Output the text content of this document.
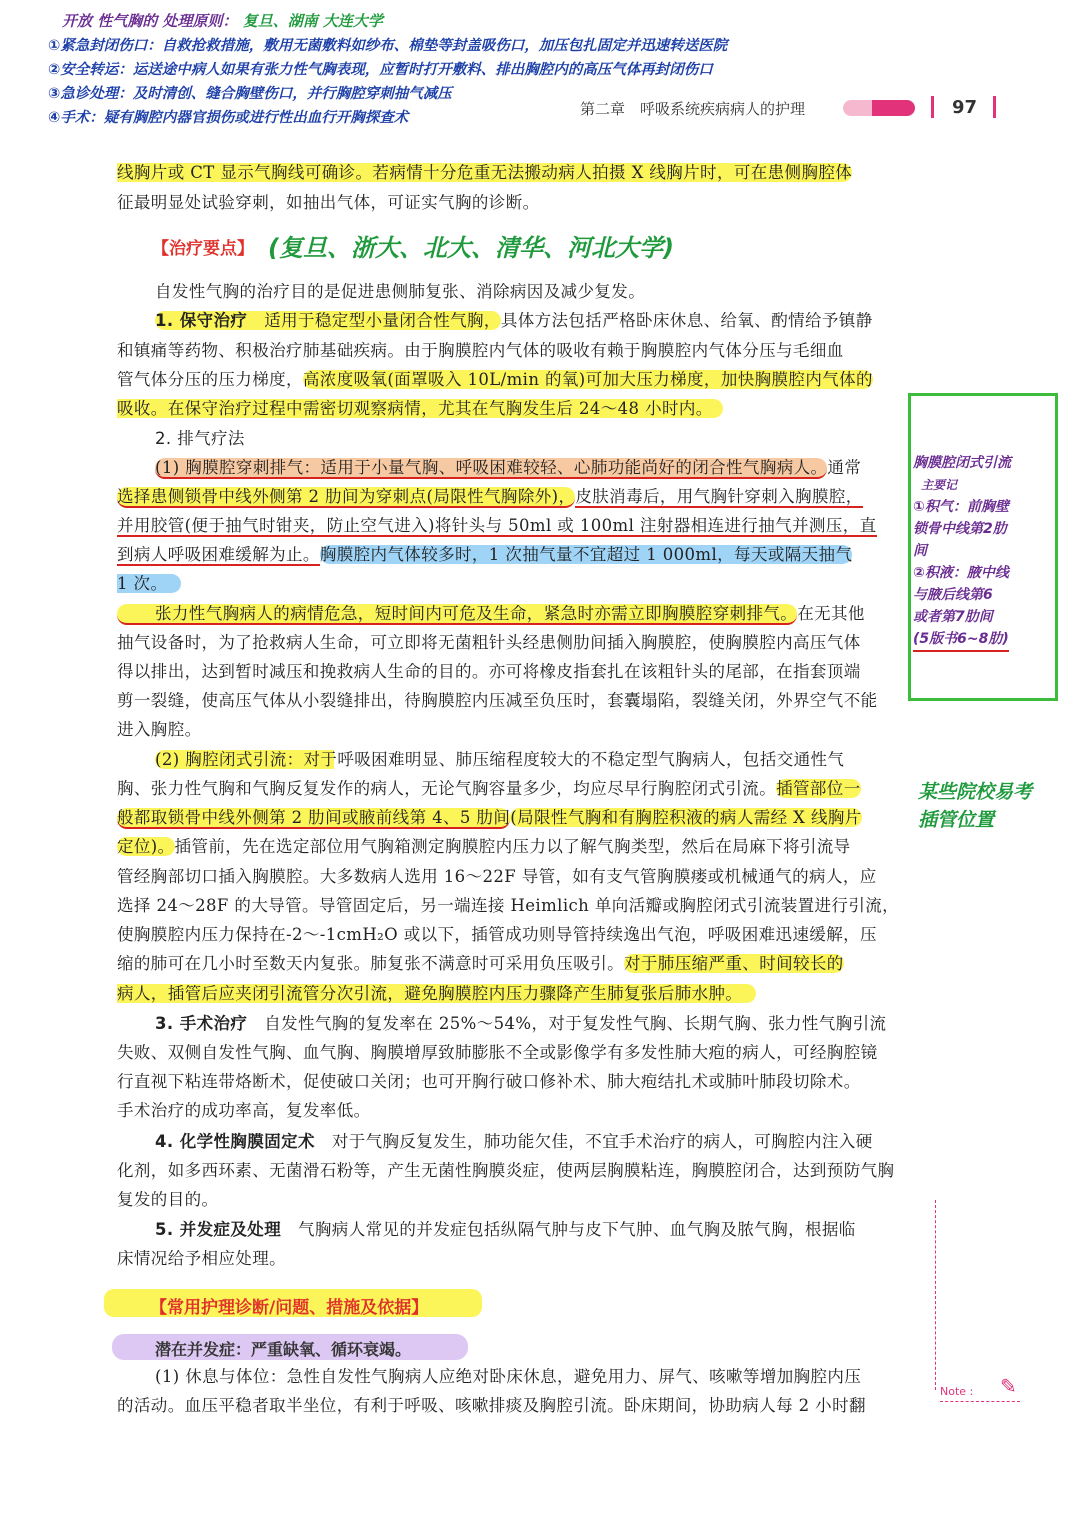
开放 性气胸的 处理原则： 复旦、湖南 大连大学
①紧急封闭伤口：自救抢救措施，敷用无菌敷料如纱布、棉垫等封盖吸伤口，加压包扎固定并迅速转送医院
②安全转运：运送途中病人如果有张力性气胸表现，应暂时打开敷料、排出胸腔内的高压气体再封闭伤口
③急诊处理：及时清创、缝合胸壁伤口，并行胸腔穿刺抽气减压
④手术：疑有胸腔内器官损伤或进行性出血行开胸探查术	第二章　呼吸系统疾病病人的护理	97
线胸片或 CT 显示气胸线可确诊。若病情十分危重无法搬动病人拍摄 X 线胸片时，可在患侧胸腔体
征最明显处试验穿刺，如抽出气体，可证实气胸的诊断。
【治疗要点】 (复旦、浙大、北大、清华、河北大学)
自发性气胸的治疗目的是促进患侧肺复张、消除病因及减少复发。
1. 保守治疗　 适用于稳定型小量闭合性气胸，具体方法包括严格卧床休息、给氧、酌情给予镇静
和镇痛等药物、积极治疗肺基础疾病。由于胸膜腔内气体的吸收有赖于胸膜腔内气体分压与毛细血
管气体分压的压力梯度，高浓度吸氧(面罩吸入 10L/min 的氧)可加大压力梯度，加快胸膜腔内气体的
吸收。在保守治疗过程中需密切观察病情，尤其在气胸发生后 24～48 小时内。
2. 排气疗法
(1) 胸膜腔穿刺排气：适用于小量气胸、呼吸困难较轻、心肺功能尚好的闭合性气胸病人。通常
选择患侧锁骨中线外侧第 2 肋间为穿刺点(局限性气胸除外)，皮肤消毒后，用气胸针穿刺入胸膜腔，
并用胶管(便于抽气时钳夹，防止空气进入)将针头与 50ml 或 100ml 注射器相连进行抽气并测压，直
到病人呼吸困难缓解为止。胸膜腔内气体较多时，1 次抽气量不宜超过 1 000ml，每天或隔天抽气
1 次。
张力性气胸病人的病情危急，短时间内可危及生命，紧急时亦需立即胸膜腔穿刺排气。在无其他
抽气设备时，为了抢救病人生命，可立即将无菌粗针头经患侧肋间插入胸膜腔，使胸膜腔内高压气体
得以排出，达到暂时减压和挽救病人生命的目的。亦可将橡皮指套扎在该粗针头的尾部，在指套顶端
剪一裂缝，使高压气体从小裂缝排出，待胸膜腔内压减至负压时，套囊塌陷，裂缝关闭，外界空气不能
进入胸腔。
(2) 胸腔闭式引流：对于呼吸困难明显、肺压缩程度较大的不稳定型气胸病人，包括交通性气
胸、张力性气胸和气胸反复发作的病人，无论气胸容量多少，均应尽早行胸腔闭式引流。插管部位一
般都取锁骨中线外侧第 2 肋间或腋前线第 4、5 肋间(局限性气胸和有胸腔积液的病人需经 X 线胸片
定位)。插管前，先在选定部位用气胸箱测定胸膜腔内压力以了解气胸类型，然后在局麻下将引流导
管经胸部切口插入胸膜腔。大多数病人选用 16～22F 导管，如有支气管胸膜瘘或机械通气的病人，应
选择 24～28F 的大导管。导管固定后，另一端连接 Heimlich 单向活瓣或胸腔闭式引流装置进行引流，
使胸膜腔内压力保持在-2～-1cmH₂O 或以下，插管成功则导管持续逸出气泡，呼吸困难迅速缓解，压
缩的肺可在几小时至数天内复张。肺复张不满意时可采用负压吸引。对于肺压缩严重、时间较长的
病人，插管后应夹闭引流管分次引流，避免胸膜腔内压力骤降产生肺复张后肺水肿。
3. 手术治疗　 自发性气胸的复发率在 25%～54%，对于复发性气胸、长期气胸、张力性气胸引流
失败、双侧自发性气胸、血气胸、胸膜增厚致肺膨胀不全或影像学有多发性肺大疱的病人，可经胸腔镜
行直视下粘连带烙断术，促使破口关闭；也可开胸行破口修补术、肺大疱结扎术或肺叶肺段切除术。
手术治疗的成功率高，复发率低。
4. 化学性胸膜固定术　 对于气胸反复发生，肺功能欠佳，不宜手术治疗的病人，可胸腔内注入硬
化剂，如多西环素、无菌滑石粉等，产生无菌性胸膜炎症，使两层胸膜粘连，胸膜腔闭合，达到预防气胸
复发的目的。
5. 并发症及处理　 气胸病人常见的并发症包括纵隔气肿与皮下气肿、血气胸及脓气胸，根据临
床情况给予相应处理。
【常用护理诊断/问题、措施及依据】
潜在并发症：严重缺氧、循环衰竭。
(1) 休息与体位：急性自发性气胸病人应绝对卧床休息，避免用力、屏气、咳嗽等增加胸腔内压
的活动。血压平稳者取半坐位，有利于呼吸、咳嗽排痰及胸腔引流。卧床期间，协助病人每 2 小时翻
胸膜腔闭式引流
主要记
①积气：前胸壁
锁骨中线第2肋
间
②积液：腋中线
与腋后线第6
或者第7肋间
(5版书6~8肋)
某些院校易考 插管位置
Note : ✎
